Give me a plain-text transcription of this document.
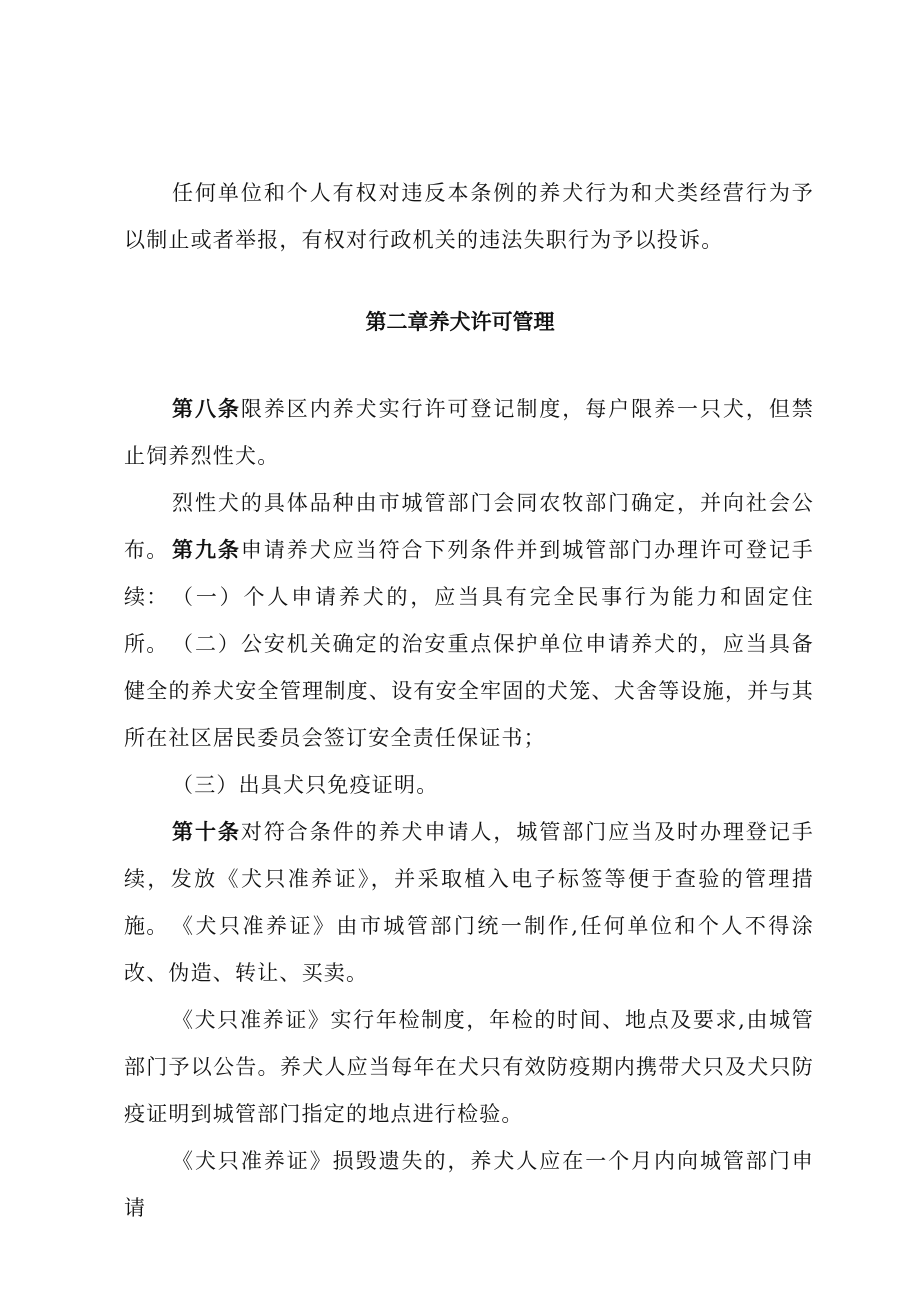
任何单位和个人有权对违反本条例的养犬行为和犬类经营行为予以制止或者举报，有权对行政机关的违法失职行为予以投诉。

第二章养犬许可管理

第八条限养区内养犬实行许可登记制度，每户限养一只犬，但禁止饲养烈性犬。

烈性犬的具体品种由市城管部门会同农牧部门确定，并向社会公布。 第九条申请养犬应当符合下列条件并到城管部门办理许可登记手续： （一）个人申请养犬的，应当具有完全民事行为能力和固定住所。 （二）公安机关确定的治安重点保护单位申请养犬的，应当具备健全的养犬安全管理制度、设有安全牢固的犬笼、犬舍等设施，并与其所在社区居民委员会签订安全责任保证书；

（三）出具犬只免疫证明。

第十条对符合条件的养犬申请人，城管部门应当及时办理登记手续，发放《犬只准养证》，并采取植入电子标签等便于查验的管理措施。 《犬只准养证》由市城管部门统一制作,任何单位和个人不得涂改、伪造、转让、买卖。

《犬只准养证》实行年检制度，年检的时间、地点及要求,由城管部门予以公告。养犬人应当每年在犬只有效防疫期内携带犬只及犬只防疫证明到城管部门指定的地点进行检验。

《犬只准养证》损毁遗失的，养犬人应在一个月内向城管部门申请
